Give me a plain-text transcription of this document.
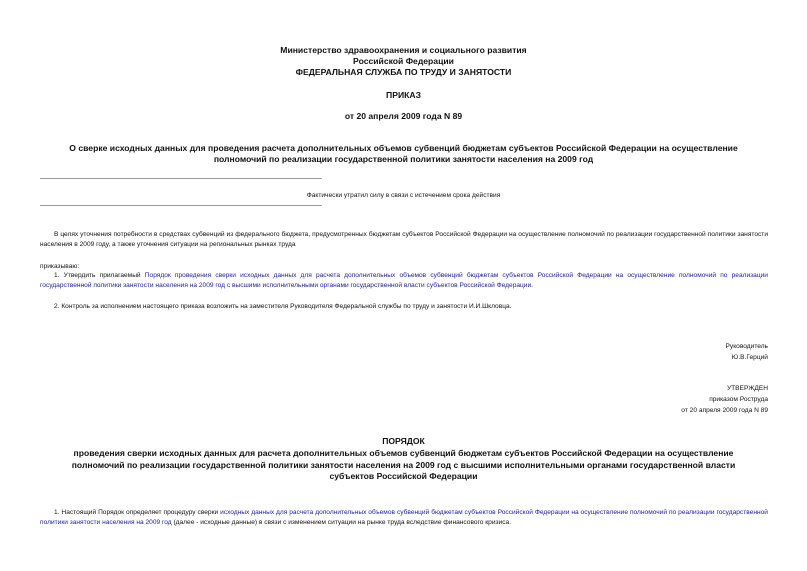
Министерство здравоохранения и социального развития
Российской Федерации
ФЕДЕРАЛЬНАЯ СЛУЖБА ПО ТРУДУ И ЗАНЯТОСТИ
ПРИКАЗ
от 20 апреля 2009 года N 89
О сверке исходных данных для проведения расчета дополнительных объемов субвенций бюджетам субъектов Российской Федерации на осуществление
полномочий по реализации государственной политики занятости населения на 2009 год
Фактически утратил силу в связи с истечением срока действия
В целях уточнения потребности в средствах субвенций из федерального бюджета, предусмотренных бюджетам субъектов Российской Федерации на осуществление полномочий по реализации государственной политики занятости населения в 2009 году, а также уточнения ситуации на региональных рынках труда
приказываю:
1. Утвердить прилагаемый Порядок проведения сверки исходных данных для расчета дополнительных объемов субвенций бюджетам субъектов Российской Федерации на осуществление полномочий по реализации государственной политики занятости населения на 2009 год с высшими исполнительными органами государственной власти субъектов Российской Федерации.
2. Контроль за исполнением настоящего приказа возложить на заместителя Руководителя Федеральной службы по труду и занятости И.И.Шкловца.
Руководитель
Ю.В.Герций
УТВЕРЖДЕН
приказом Роструда
от 20 апреля 2009 года N 89
ПОРЯДОК
проведения сверки исходных данных для расчета дополнительных объемов субвенций бюджетам субъектов Российской Федерации на осуществление
полномочий по реализации государственной политики занятости населения на 2009 год с высшими исполнительными органами государственной власти
субъектов Российской Федерации
1. Настоящий Порядок определяет процедуру сверки исходных данных для расчета дополнительных объемов субвенций бюджетам субъектов Российской Федерации на осуществление полномочий по реализации государственной политики занятости населения на 2009 год (далее - исходные данные) в связи с изменением ситуации на рынке труда вследствие финансового кризиса.
